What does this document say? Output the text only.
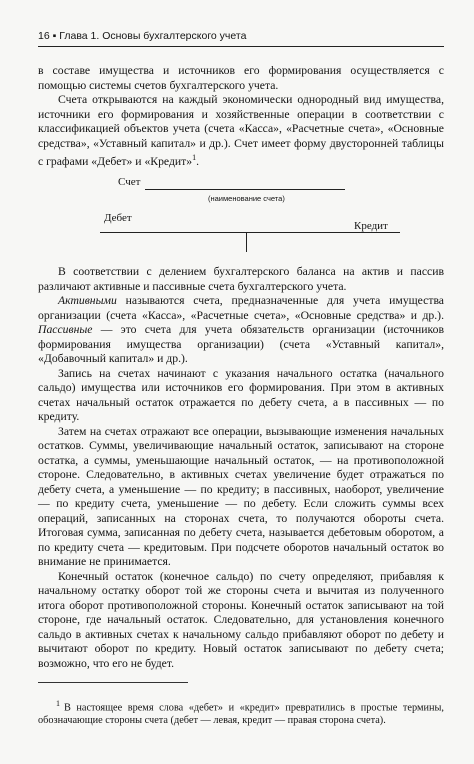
16 ▪ Глава 1. Основы бухгалтерского учета

в составе имущества и источников его формирования осуществляется с помощью системы счетов бухгалтерского учета.

Счета открываются на каждый экономически однородный вид имущества, источники его формирования и хозяйственные операции в соответствии с классификацией объектов учета (счета «Касса», «Расчетные счета», «Основные средства», «Уставный капитал» и др.). Счет имеет форму двусторонней таблицы с графами «Дебет» и «Кредит»$^1$.

Счет
(наименование счета)
Дебет
Кредит

В соответствии с делением бухгалтерского баланса на актив и пассив различают активные и пассивные счета бухгалтерского учета.

Активными называются счета, предназначенные для учета имущества организации (счета «Касса», «Расчетные счета», «Основные средства» и др.). Пассивные — это счета для учета обязательств организации (источников формирования имущества организации) (счета «Уставный капитал», «Добавочный капитал» и др.).

Запись на счетах начинают с указания начального остатка (начального сальдо) имущества или источников его формирования. При этом в активных счетах начальный остаток отражается по дебету счета, а в пассивных — по кредиту.

Затем на счетах отражают все операции, вызывающие изменения начальных остатков. Суммы, увеличивающие начальный остаток, записывают на стороне остатка, а суммы, уменьшающие начальный остаток, — на противоположной стороне. Следовательно, в активных счетах увеличение будет отражаться по дебету счета, а уменьшение — по кредиту; в пассивных, наоборот, увеличение — по кредиту счета, уменьшение — по дебету. Если сложить суммы всех операций, записанных на сторонах счета, то получаются обороты счета. Итоговая сумма, записанная по дебету счета, называется дебетовым оборотом, а по кредиту счета — кредитовым. При подсчете оборотов начальный остаток во внимание не принимается.

Конечный остаток (конечное сальдо) по счету определяют, прибавляя к начальному остатку оборот той же стороны счета и вычитая из полученного итога оборот противоположной стороны. Конечный остаток записывают на той стороне, где начальный остаток. Следовательно, для установления конечного сальдо в активных счетах к начальному сальдо прибавляют оборот по дебету и вычитают оборот по кредиту. Новый остаток записывают по дебету счета; возможно, что его не будет.

$^1$ В настоящее время слова «дебет» и «кредит» превратились в простые термины, обозначающие стороны счета (дебет — левая, кредит — правая сторона счета).
